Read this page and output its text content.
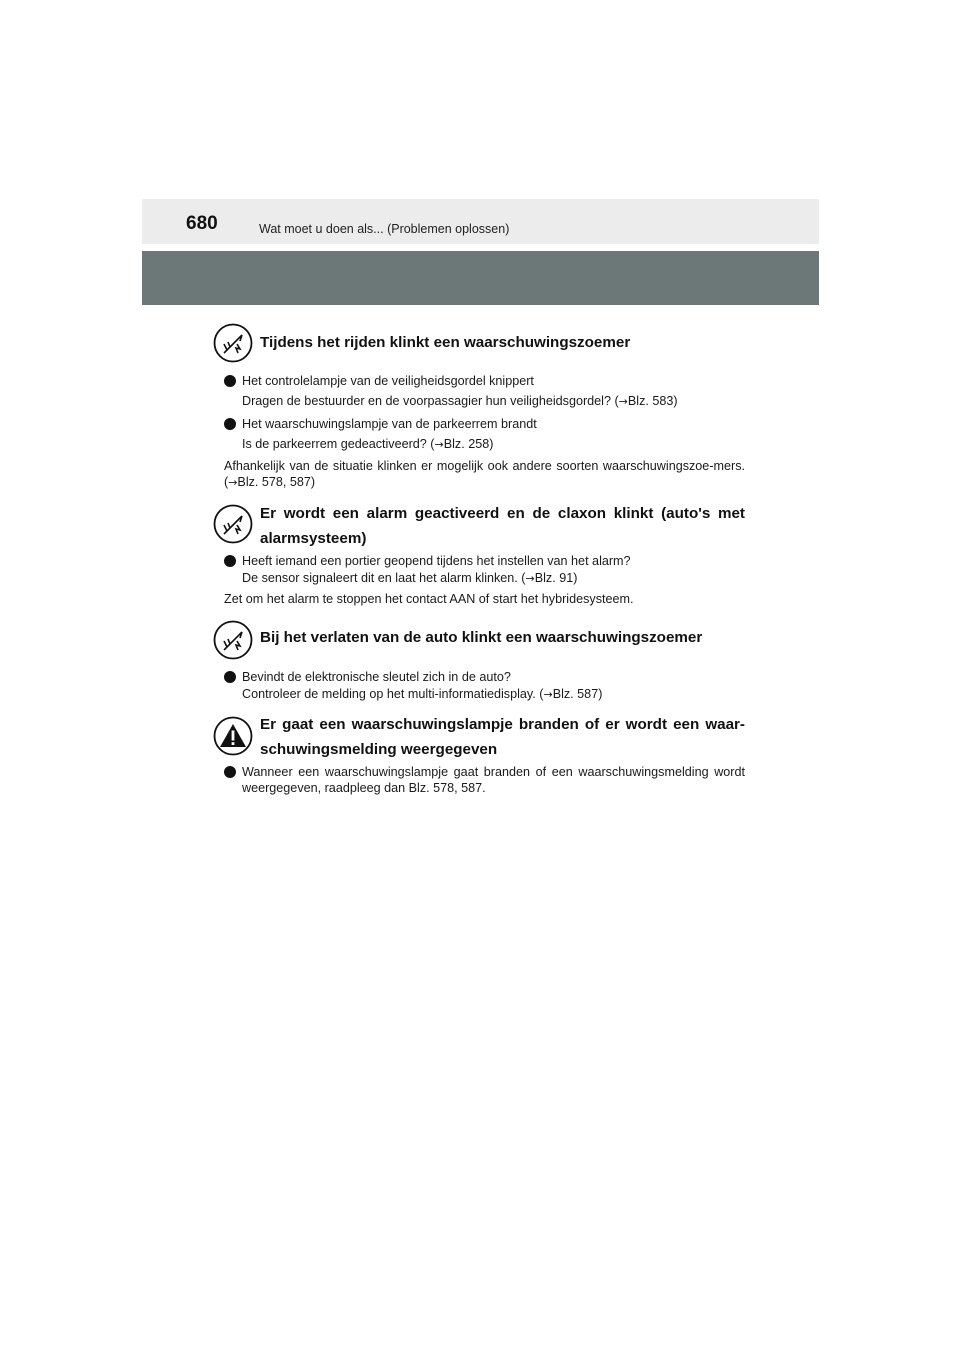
680	Wat moet u doen als... (Problemen oplossen)
Tijdens het rijden klinkt een waarschuwingszoemer
Het controlelampje van de veiligheidsgordel knippert
Dragen de bestuurder en de voorpassagier hun veiligheidsgordel? (→Blz. 583)
Het waarschuwingslampje van de parkeerrem brandt
Is de parkeerrem gedeactiveerd? (→Blz. 258)
Afhankelijk van de situatie klinken er mogelijk ook andere soorten waarschuwingszoe-mers. (→Blz. 578, 587)
Er wordt een alarm geactiveerd en de claxon klinkt (auto's met alarmsysteem)
Heeft iemand een portier geopend tijdens het instellen van het alarm?
De sensor signaleert dit en laat het alarm klinken. (→Blz. 91)
Zet om het alarm te stoppen het contact AAN of start het hybridesysteem.
Bij het verlaten van de auto klinkt een waarschuwingszoemer
Bevindt de elektronische sleutel zich in de auto?
Controleer de melding op het multi-informatiedisplay. (→Blz. 587)
Er gaat een waarschuwingslampje branden of er wordt een waar-schuwingsmelding weergegeven
Wanneer een waarschuwingslampje gaat branden of een waarschuwingsmelding wordt weergegeven, raadpleeg dan Blz. 578, 587.
